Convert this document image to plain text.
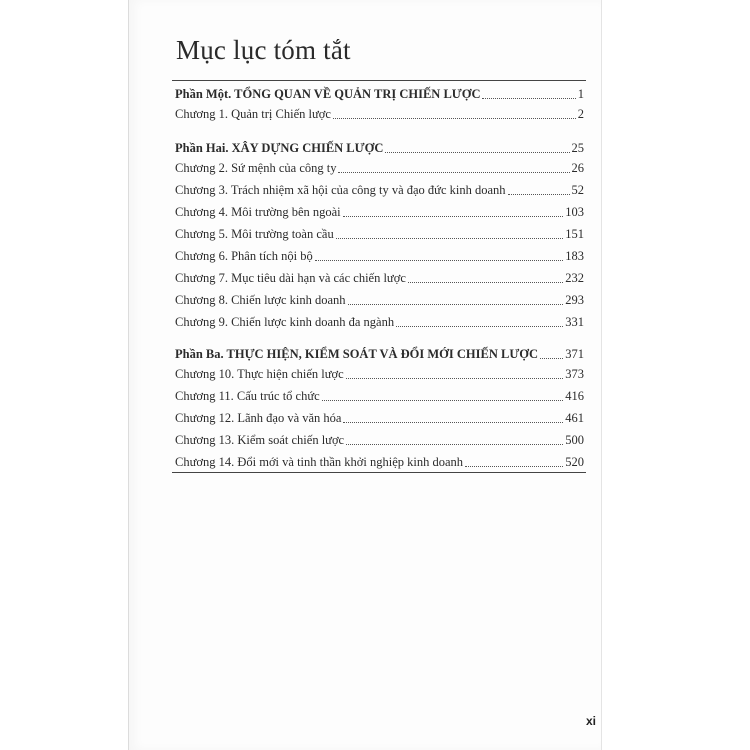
Mục lục tóm tắt
Phần Một. TỔNG QUAN VỀ QUẢN TRỊ CHIẾN LƯỢC	1
Chương 1. Quản trị Chiến lược	2
Phần Hai. XÂY DỰNG CHIẾN LƯỢC	25
Chương 2. Sứ mệnh của công ty	26
Chương 3. Trách nhiệm xã hội của công ty và đạo đức kinh doanh	52
Chương 4. Môi trường bên ngoài	103
Chương 5. Môi trường toàn cầu	151
Chương 6. Phân tích nội bộ	183
Chương 7. Mục tiêu dài hạn và các chiến lược	232
Chương 8. Chiến lược kinh doanh	293
Chương 9. Chiến lược kinh doanh đa ngành	331
Phần Ba. THỰC HIỆN, KIỂM SOÁT VÀ ĐỔI MỚI CHIẾN LƯỢC 371
Chương 10. Thực hiện chiến lược	373
Chương 11. Cấu trúc tổ chức	416
Chương 12. Lãnh đạo và văn hóa	461
Chương 13. Kiểm soát chiến lược	500
Chương 14. Đổi mới và tinh thần khởi nghiệp kinh doanh	520
xi
